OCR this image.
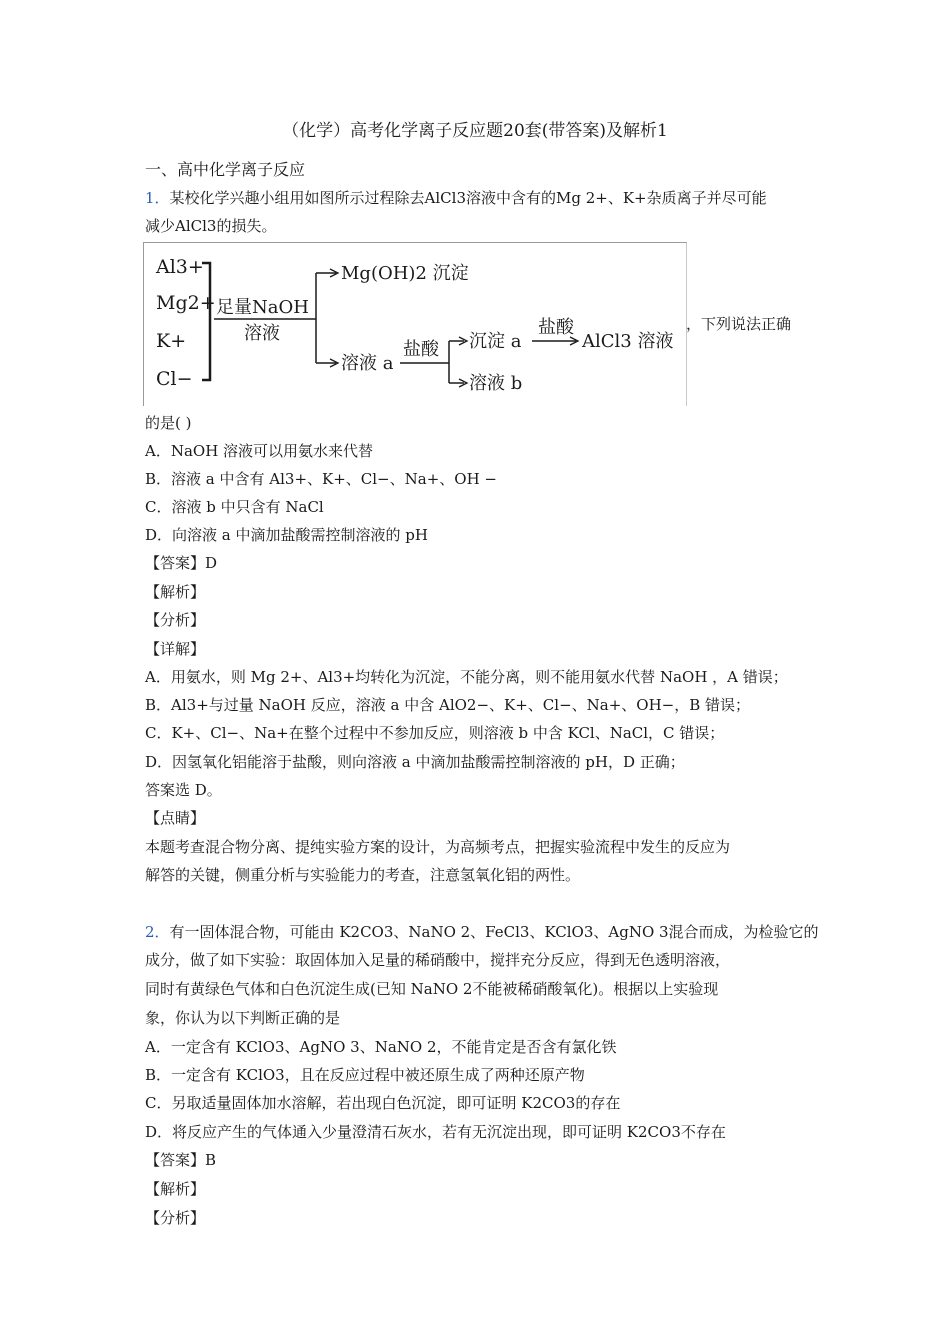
（化学）高考化学离子反应题20套(带答案)及解析1
一、高中化学离子反应
1．某校化学兴趣小组用如图所示过程除去AlCl3溶液中含有的Mg 2+、K+杂质离子并尽可能
减少AlCl3的损失。
Al3+
Mg2+
K+
Cl−
足量NaOH
溶液
Mg(OH)2 沉淀
溶液 a
盐酸 沉淀 a
溶液 b
盐酸
AlCl3 溶液
，下列说法正确
的是( )
A．NaOH 溶液可以用氨水来代替
B．溶液 a 中含有 Al3+、K+、Cl−、Na+、OH −
C．溶液 b 中只含有 NaCl
D．向溶液 a 中滴加盐酸需控制溶液的 pH
【答案】D
【解析】
【分析】
【详解】
A．用氨水，则 Mg 2+、Al3+均转化为沉淀，不能分离，则不能用氨水代替 NaOH ，A 错误；
B．Al3+与过量 NaOH 反应，溶液 a 中含 AlO2−、K+、Cl−、Na+、OH−，B 错误；
C．K+、Cl−、Na+在整个过程中不参加反应，则溶液 b 中含 KCl、NaCl，C 错误；
D．因氢氧化铝能溶于盐酸，则向溶液 a 中滴加盐酸需控制溶液的 pH，D 正确；
答案选 D。
【点睛】
本题考查混合物分离、提纯实验方案的设计，为高频考点，把握实验流程中发生的反应为
解答的关键，侧重分析与实验能力的考查，注意氢氧化铝的两性。
2．有一固体混合物，可能由 K2CO3、NaNO 2、FeCl3、KClO3、AgNO 3混合而成，为检验它的
成分，做了如下实验：取固体加入足量的稀硝酸中，搅拌充分反应，得到无色透明溶液，
同时有黄绿色气体和白色沉淀生成(已知 NaNO 2不能被稀硝酸氧化)。根据以上实验现
象，你认为以下判断正确的是
A．一定含有 KClO3、AgNO 3、NaNO 2，不能肯定是否含有氯化铁
B．一定含有 KClO3，且在反应过程中被还原生成了两种还原产物
C．另取适量固体加水溶解，若出现白色沉淀，即可证明 K2CO3的存在
D．将反应产生的气体通入少量澄清石灰水，若有无沉淀出现，即可证明 K2CO3不存在
【答案】B
【解析】
【分析】
